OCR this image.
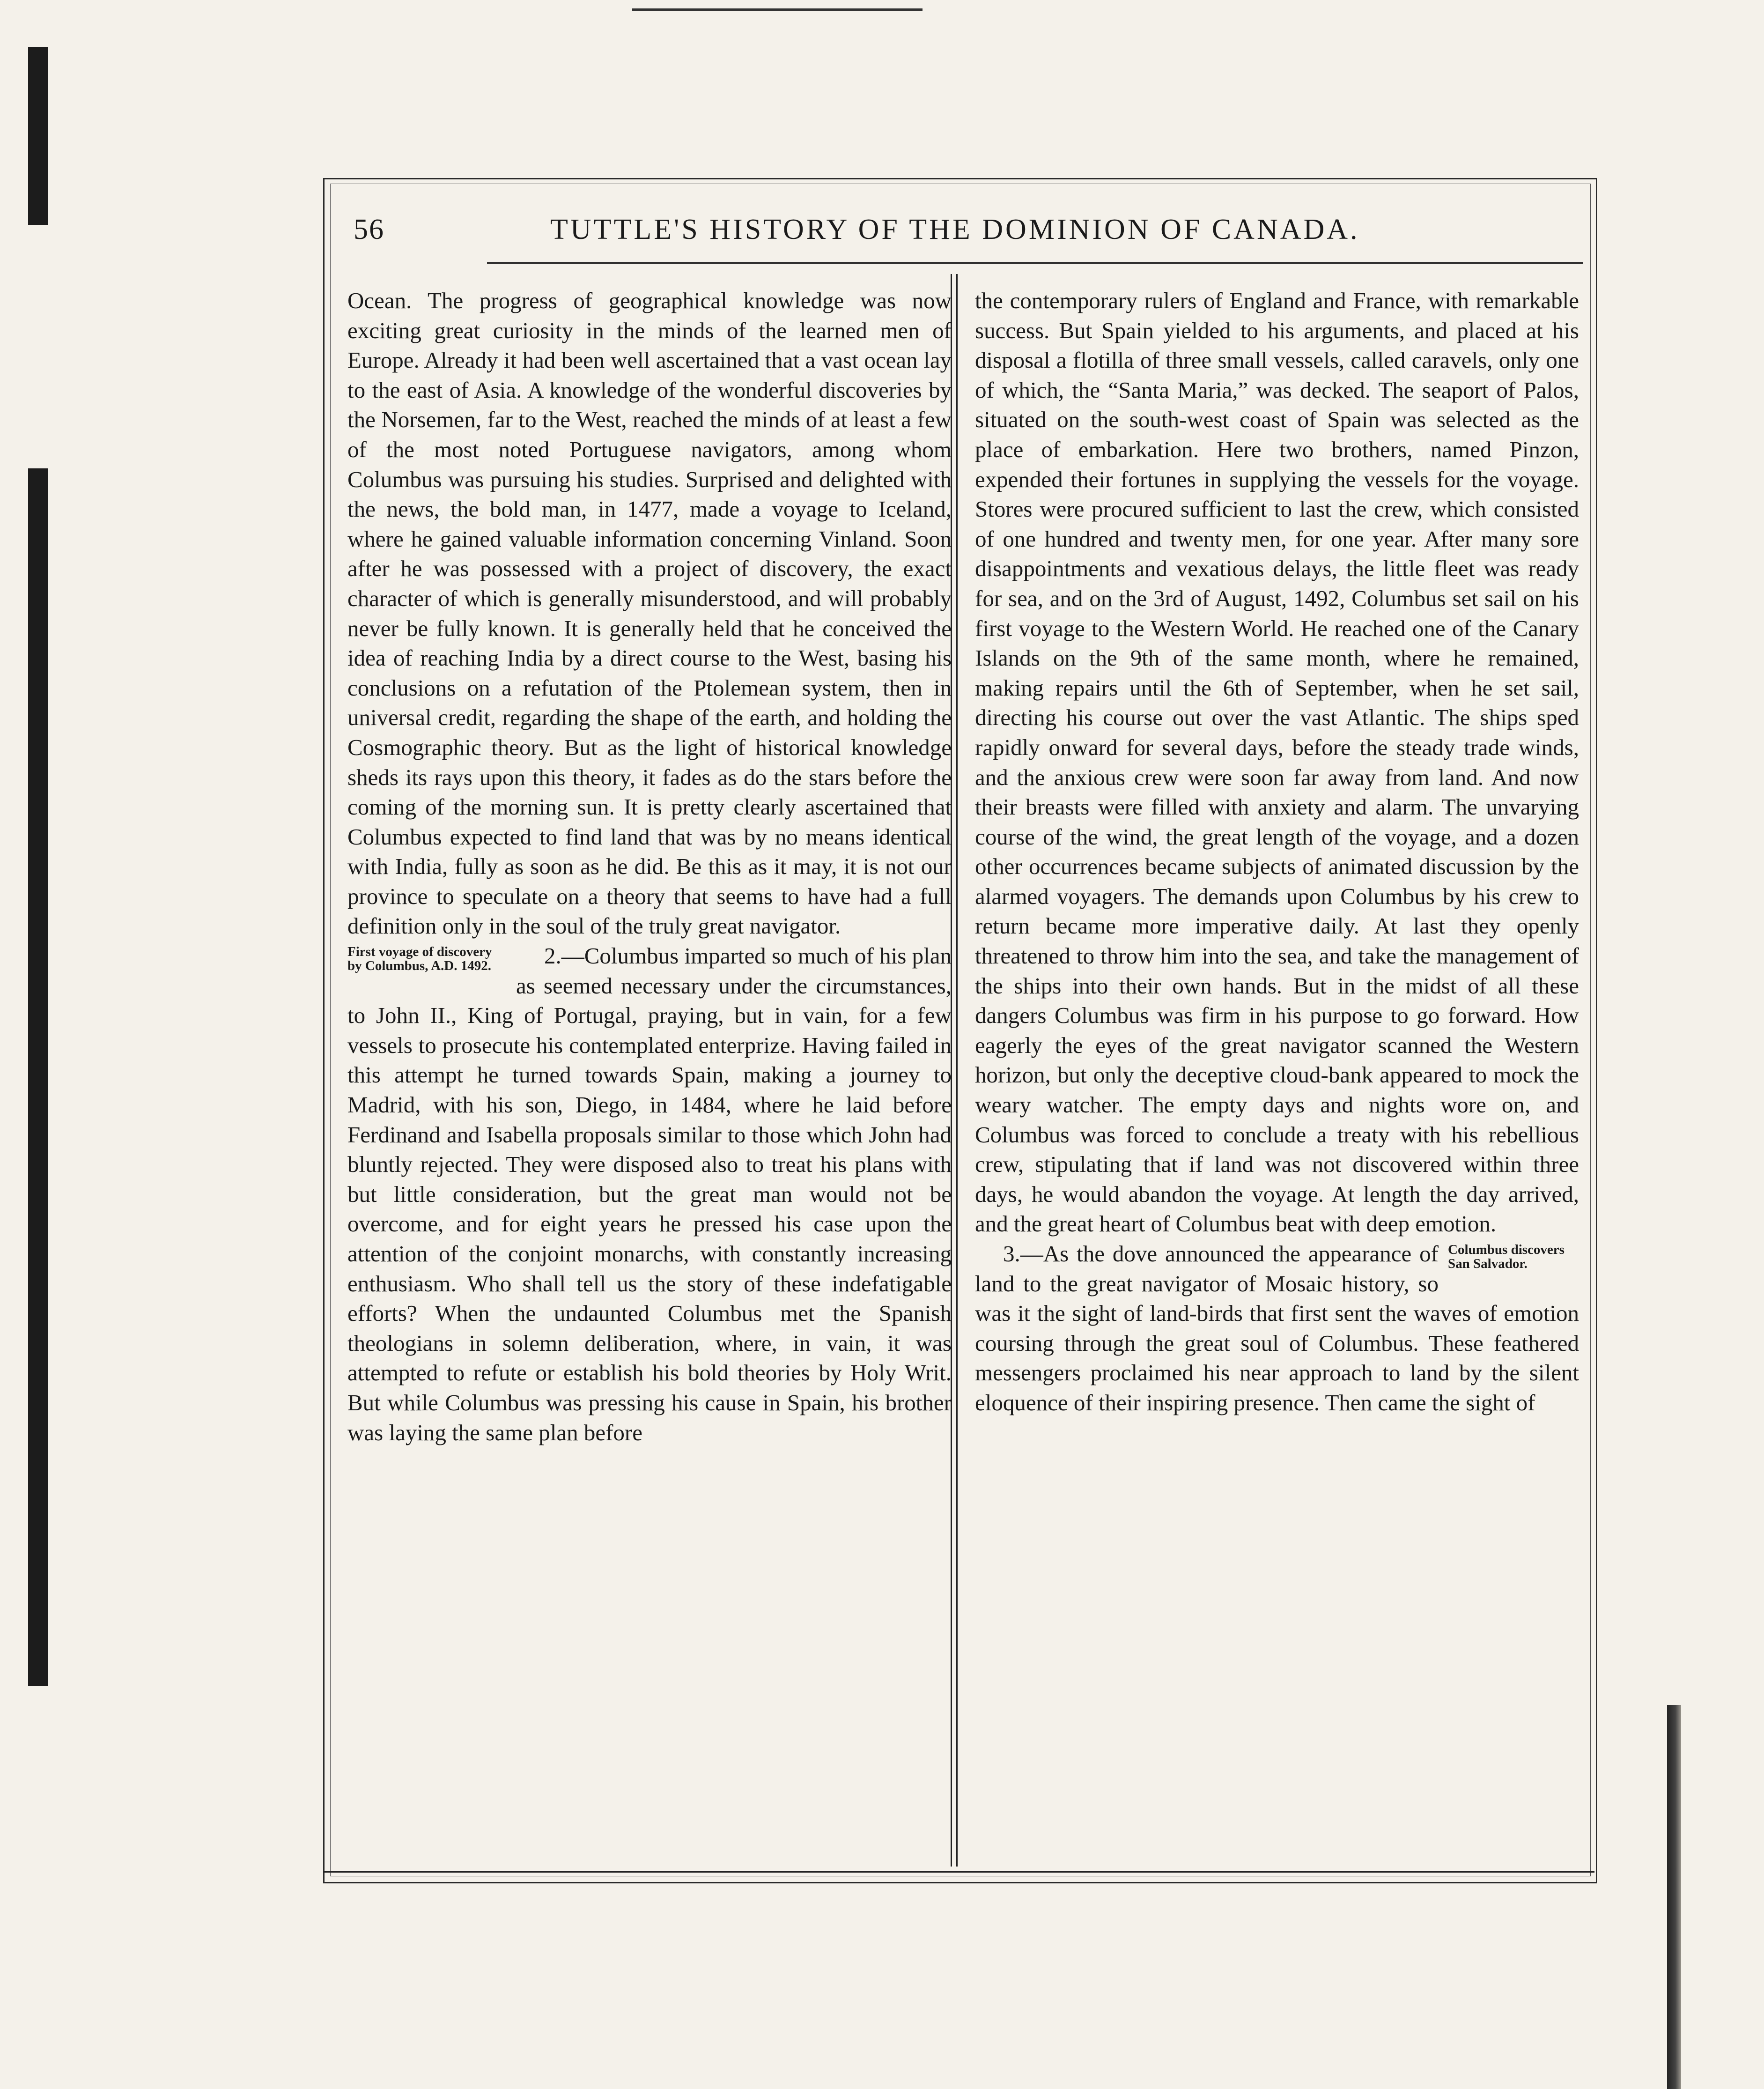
56	TUTTLE'S HISTORY OF THE DOMINION OF CANADA.

Ocean. The progress of geographical knowledge was now exciting great curiosity in the minds of the learned men of Europe. Already it had been well ascertained that a vast ocean lay to the east of Asia. A knowledge of the wonderful discoveries by the Norsemen, far to the West, reached the minds of at least a few of the most noted Portuguese navigators, among whom Columbus was pursuing his studies. Surprised and delighted with the news, the bold man, in 1477, made a voyage to Iceland, where he gained valuable information concerning Vinland. Soon after he was possessed with a project of discovery, the exact character of which is generally misunderstood, and will probably never be fully known. It is generally held that he conceived the idea of reaching India by a direct course to the West, basing his conclusions on a refutation of the Ptolemean system, then in universal credit, regarding the shape of the earth, and holding the Cosmographic theory. But as the light of historical knowledge sheds its rays upon this theory, it fades as do the stars before the coming of the morning sun. It is pretty clearly ascertained that Columbus expected to find land that was by no means identical with India, fully as soon as he did. Be this as it may, it is not our province to speculate on a theory that seems to have had a full definition only in the soul of the truly great navigator.

First voyage of discovery by Columbus, A.D. 1492.	2.—Columbus imparted so much of his plan as seemed necessary under the circumstances, to John II., King of Portugal, praying, but in vain, for a few vessels to prosecute his contemplated enterprize. Having failed in this attempt he turned towards Spain, making a journey to Madrid, with his son, Diego, in 1484, where he laid before Ferdinand and Isabella proposals similar to those which John had bluntly rejected. They were disposed also to treat his plans with but little consideration, but the great man would not be overcome, and for eight years he pressed his case upon the attention of the conjoint monarchs, with constantly increasing enthusiasm. Who shall tell us the story of these indefatigable efforts? When the undaunted Columbus met the Spanish theologians in solemn deliberation, where, in vain, it was attempted to refute or establish his bold theories by Holy Writ. But while Columbus was pressing his cause in Spain, his brother was laying the same plan before

the contemporary rulers of England and France, with remarkable success. But Spain yielded to his arguments, and placed at his disposal a flotilla of three small vessels, called caravels, only one of which, the “Santa Maria,” was decked. The seaport of Palos, situated on the south-west coast of Spain was selected as the place of embarkation. Here two brothers, named Pinzon, expended their fortunes in supplying the vessels for the voyage. Stores were procured sufficient to last the crew, which consisted of one hundred and twenty men, for one year. After many sore disappointments and vexatious delays, the little fleet was ready for sea, and on the 3rd of August, 1492, Columbus set sail on his first voyage to the Western World. He reached one of the Canary Islands on the 9th of the same month, where he remained, making repairs until the 6th of September, when he set sail, directing his course out over the vast Atlantic. The ships sped rapidly onward for several days, before the steady trade winds, and the anxious crew were soon far away from land. And now their breasts were filled with anxiety and alarm. The unvarying course of the wind, the great length of the voyage, and a dozen other occurrences became subjects of animated discussion by the alarmed voyagers. The demands upon Columbus by his crew to return became more imperative daily. At last they openly threatened to throw him into the sea, and take the management of the ships into their own hands. But in the midst of all these dangers Columbus was firm in his purpose to go forward. How eagerly the eyes of the great navigator scanned the Western horizon, but only the deceptive cloud-bank appeared to mock the weary watcher. The empty days and nights wore on, and Columbus was forced to conclude a treaty with his rebellious crew, stipulating that if land was not discovered within three days, he would abandon the voyage. At length the day arrived, and the great heart of Columbus beat with deep emotion.

Columbus discovers San Salvador.
3.—As the dove announced the appearance of land to the great navigator of Mosaic history, so was it the sight of land-birds that first sent the waves of emotion coursing through the great soul of Columbus. These feathered messengers proclaimed his near approach to land by the silent eloquence of their inspiring presence. Then came the sight of
